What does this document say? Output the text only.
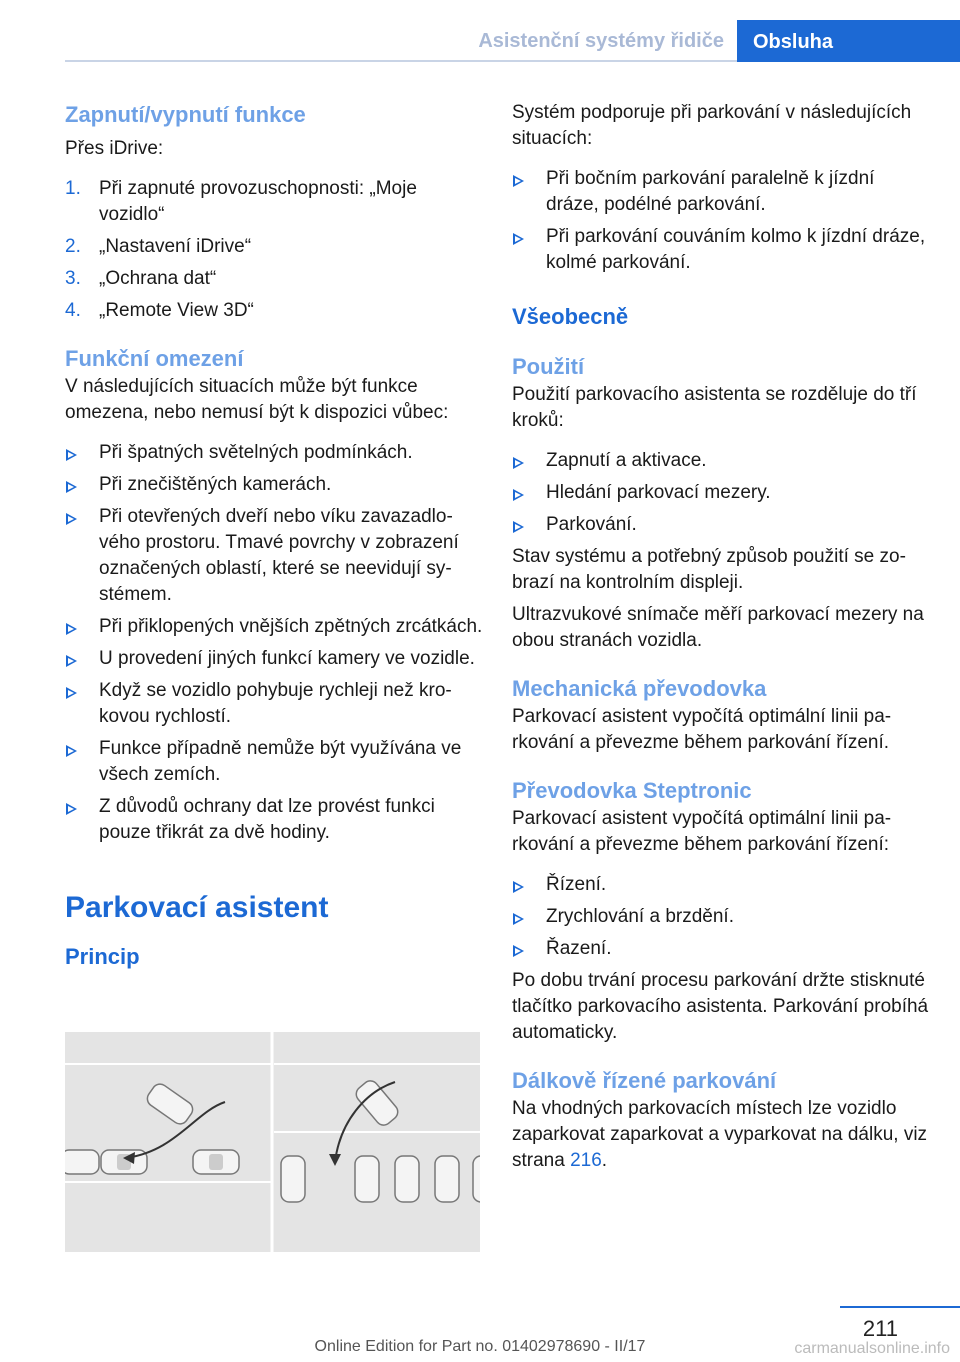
Asistenční systémy řidiče	Obsluha
Zapnutí/vypnutí funkce

Přes iDrive:

1. Při zapnuté provozuschopnosti: „Moje vozidlo“
2. „Nastavení iDrive“
3. „Ochrana dat“
4. „Remote View 3D“
Funkční omezení

V následujících situacích může být funkce omezena, nebo nemusí být k dispozici vůbec:

Při špatných světelných podmínkách.
Při znečištěných kamerách.
Při otevřených dveří nebo víku zavazadlového prostoru. Tmavé povrchy v zobrazení označených oblastí, které se neevidují systémem.
Při přiklopených vnějších zpětných zrcátkách.
U provedení jiných funkcí kamery ve vozidle.
Když se vozidlo pohybuje rychleji než krokovou rychlostí.
Funkce případně nemůže být využívána ve všech zemích.
Z důvodů ochrany dat lze provést funkci pouze třikrát za dvě hodiny.
Parkovací asistent
Princip

Systém podporuje při parkování v následujících situacích:

Při bočním parkování paralelně k jízdní dráze, podélné parkování.
Při parkování couváním kolmo k jízdní dráze, kolmé parkování.
Všeobecně
Použití

Použití parkovacího asistenta se rozděluje do tří kroků:

Zapnutí a aktivace.
Hledání parkovací mezery.
Parkování.

Stav systému a potřebný způsob použití se zobrazí na kontrolním displeji.

Ultrazvukové snímače měří parkovací mezery na obou stranách vozidla.

Mechanická převodovka

Parkovací asistent vypočítá optimální linii parkování a převezme během parkování řízení.

Převodovka Steptronic

Parkovací asistent vypočítá optimální linii parkování a převezme během parkování řízení:

Řízení.
Zrychlování a brzdění.
Řazení.

Po dobu trvání procesu parkování držte stisknuté tlačítko parkovacího asistenta. Parkování probíhá automaticky.

Dálkově řízené parkování

Na vhodných parkovacích místech lze vozidlo zaparkovat zaparkovat a vyparkovat na dálku, viz strana 216.

211
Online Edition for Part no. 01402978690 - II/17	carmanualsonline.info
